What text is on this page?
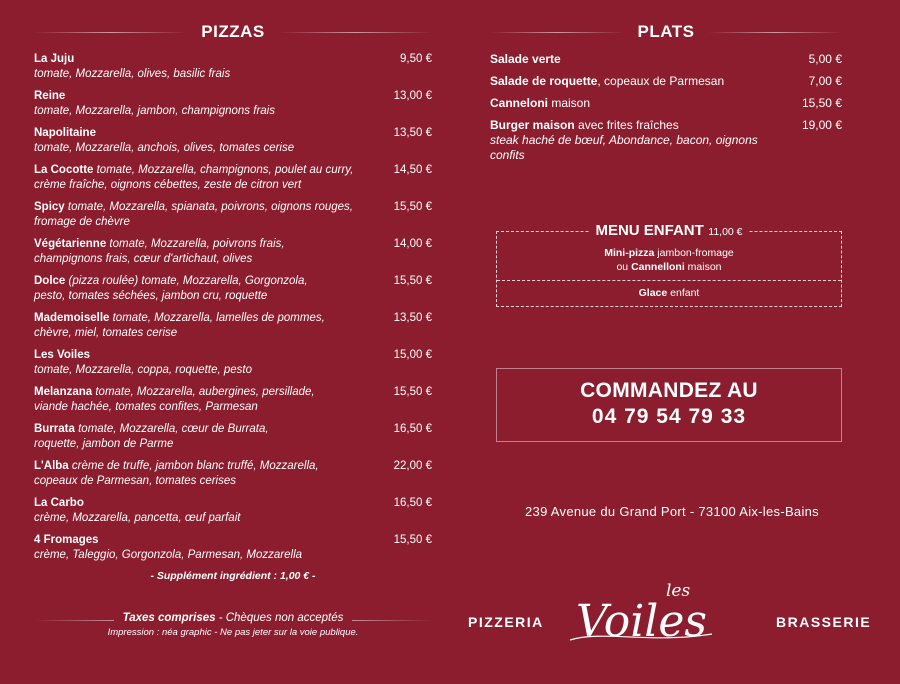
PIZZAS
La Juju
tomate, Mozzarella, olives, basilic frais
9,50 €
Reine
tomate, Mozzarella, jambon, champignons frais
13,00 €
Napolitaine
tomate, Mozzarella, anchois, olives, tomates cerise
13,50 €
La Cocotte tomate, Mozzarella, champignons, poulet au curry,
crème fraîche, oignons cébettes, zeste de citron vert
14,50 €
Spicy tomate, Mozzarella, spianata, poivrons, oignons rouges,
fromage de chèvre
15,50 €
Végétarienne tomate, Mozzarella, poivrons frais,
champignons frais, cœur d'artichaut, olives
14,00 €
Dolce (pizza roulée) tomate, Mozzarella, Gorgonzola,
pesto, tomates séchées, jambon cru, roquette
15,50 €
Mademoiselle tomate, Mozzarella, lamelles de pommes,
chèvre, miel, tomates cerise
13,50 €
Les Voiles
tomate, Mozzarella, coppa, roquette, pesto
15,00 €
Melanzana tomate, Mozzarella, aubergines, persillade,
viande hachée, tomates confites, Parmesan
15,50 €
Burrata tomate, Mozzarella, cœur de Burrata,
roquette, jambon de Parme
16,50 €
L'Alba crème de truffe, jambon blanc truffé, Mozzarella,
copeaux de Parmesan, tomates cerises
22,00 €
La Carbo
crème, Mozzarella, pancetta, œuf parfait
16,50 €
4 Fromages
crème, Taleggio, Gorgonzola, Parmesan, Mozzarella
15,50 €
- Supplément ingrédient : 1,00 € -
PLATS
Salade verte	5,00 €
Salade de roquette, copeaux de Parmesan	7,00 €
Canneloni maison	15,50 €
Burger maison avec frites fraîches
steak haché de bœuf, Abondance, bacon, oignons confits
19,00 €
MENU ENFANT 11,00 €
Mini-pizza jambon-fromage
ou Cannelloni maison
Glace enfant
COMMANDEZ AU
04 79 54 79 33
239 Avenue du Grand Port - 73100 Aix-les-Bains
Taxes comprises - Chèques non acceptés
Impression : néa graphic - Ne pas jeter sur la voie publique.
PIZZERIA
les
Voiles	BRASSERIE
